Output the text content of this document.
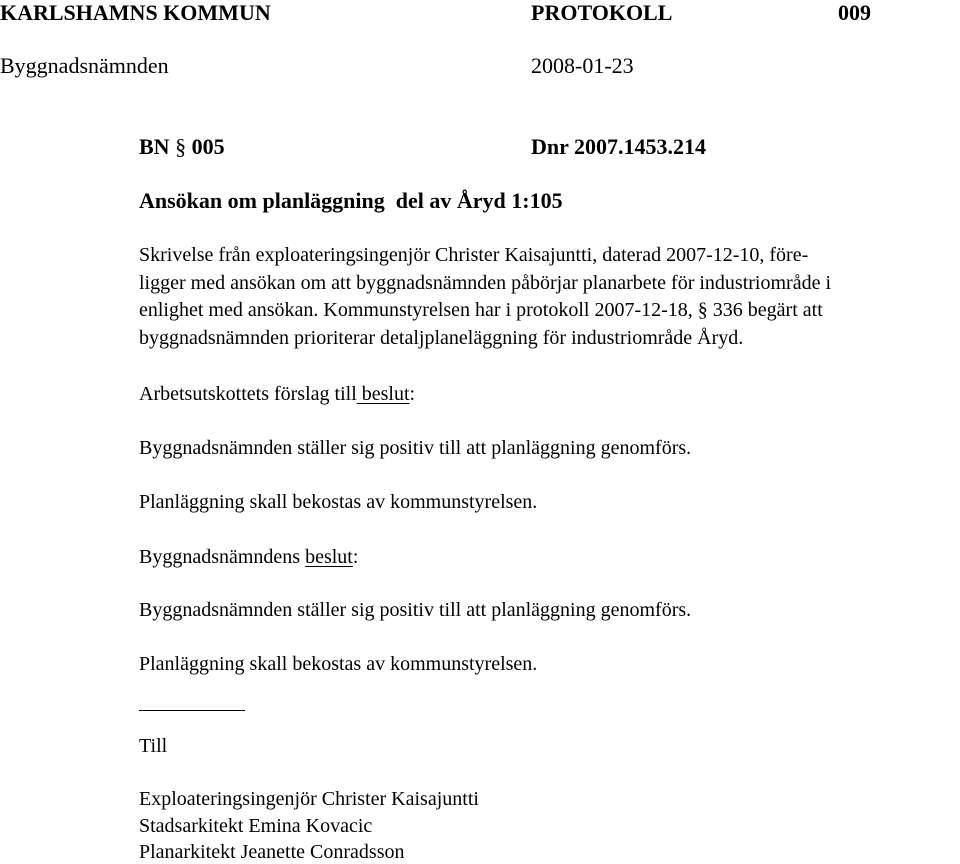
KARLSHAMNS KOMMUN	PROTOKOLL	009
Byggnadsnämnden	2008-01-23
BN § 005	Dnr 2007.1453.214
Ansökan om planläggning  del av Åryd 1:105
Skrivelse från exploateringsingenjör Christer Kaisajuntti, daterad 2007-12-10, före-
ligger med ansökan om att byggnadsnämnden påbörjar planarbete för industriområde i
enlighet med ansökan. Kommunstyrelsen har i protokoll 2007-12-18, § 336 begärt att
byggnadsnämnden prioriterar detaljplaneläggning för industriområde Åryd.
Arbetsutskottets förslag till beslut:
Byggnadsnämnden ställer sig positiv till att planläggning genomförs.
Planläggning skall bekostas av kommunstyrelsen.
Byggnadsnämndens beslut:
Byggnadsnämnden ställer sig positiv till att planläggning genomförs.
Planläggning skall bekostas av kommunstyrelsen.
Till
Exploateringsingenjör Christer Kaisajuntti
Stadsarkitekt Emina Kovacic
Planarkitekt Jeanette Conradsson
